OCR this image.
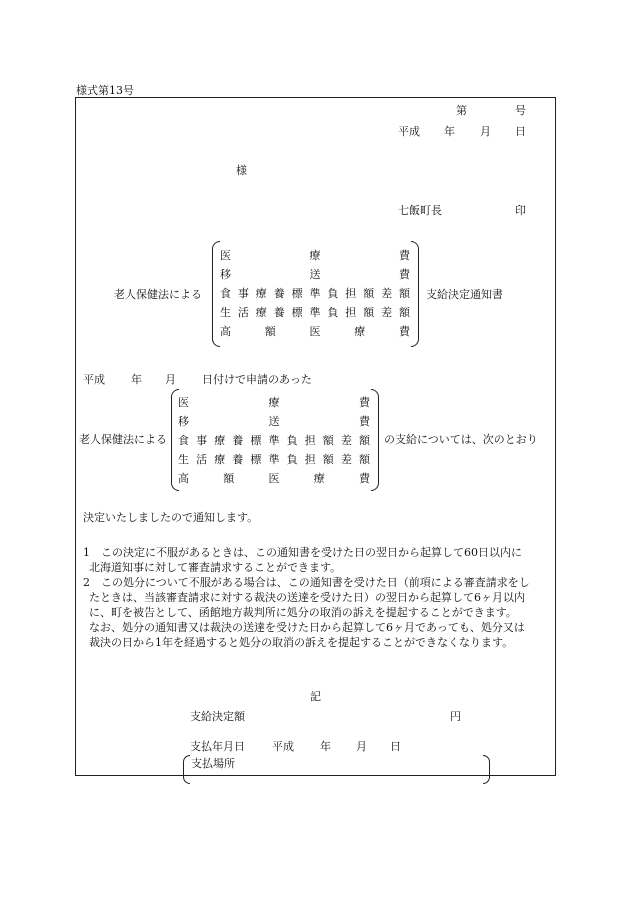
様式第13号
第	号
平成 年 月 日
様
七飯町長	印
老人保健法による
医	療	費
移	送	費
食 事 療 養 標 準 負 担 額 差 額
生 活 療 養 標 準 負 担 額 差 額
高	額	医	療	費
支給決定通知書
平成 年 月 日付けで申請のあった
老人保健法による
医	療	費
移	送	費
食 事 療 養 標 準 負 担 額 差 額
生 活 療 養 標 準 負 担 額 差 額
高	額	医	療	費
の支給については、次のとおり
決定いたしましたので通知します。
1 この決定に不服があるときは、この通知書を受けた日の翌日から起算して60日以内に
北海道知事に対して審査請求することができます。
2 この処分について不服がある場合は、この通知書を受けた日（前項による審査請求をし
たときは、当該審査請求に対する裁決の送達を受けた日）の翌日から起算して6ヶ月以内
に、町を被告として、函館地方裁判所に処分の取消の訴えを提起することができます。
なお、処分の通知書又は裁決の送達を受けた日から起算して6ヶ月であっても、処分又は
裁決の日から1年を経過すると処分の取消の訴えを提起することができなくなります。
記
支給決定額	円
支払年月日 平成 年 月 日
支払場所
